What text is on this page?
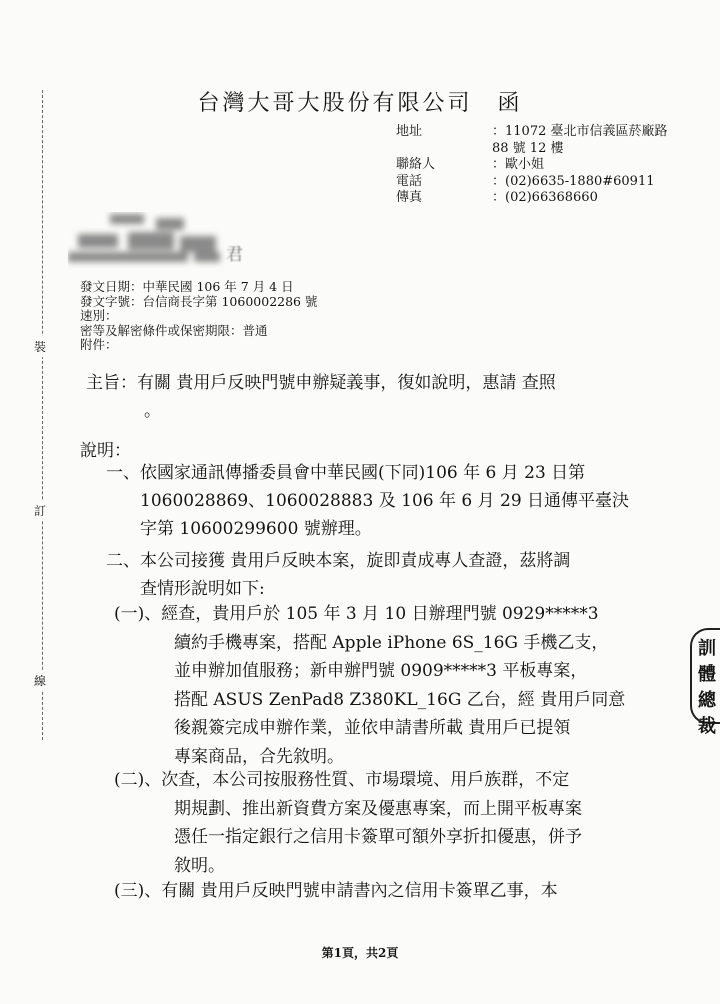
裝
訂
線
台灣大哥大股份有限公司　函
地址	：11072 臺北市信義區菸廠路 88 號 12 樓
聯絡人	：歐小姐
電話	：(02)6635-1880#60911
傳真	：(02)66368660
君
發文日期：中華民國 106 年 7 月 4 日
發文字號：台信商長字第 1060002286 號
速別：
密等及解密條件或保密期限：普通
附件：
主旨：有關 貴用戶反映門號申辦疑義事，復如說明，惠請 查照
。
說明：
一、依國家通訊傳播委員會中華民國(下同)106 年 6 月 23 日第
1060028869、1060028883 及 106 年 6 月 29 日通傳平臺決
字第 10600299600 號辦理。
二、本公司接獲 貴用戶反映本案，旋即責成專人查證，茲將調
查情形說明如下:
(一)、經查，貴用戶於 105 年 3 月 10 日辦理門號 0929*****3
續約手機專案，搭配 Apple iPhone 6S_16G 手機乙支，
並申辦加值服務；新申辦門號 0909*****3 平板專案，
搭配 ASUS ZenPad8 Z380KL_16G 乙台，經 貴用戶同意
後親簽完成申辦作業，並依申請書所載 貴用戶已提領
專案商品，合先敘明。
(二)、次查，本公司按服務性質、市場環境、用戶族群，不定
期規劃、推出新資費方案及優惠專案，而上開平板專案
憑任一指定銀行之信用卡簽單可額外享折扣優惠，併予
敘明。
(三)、有關 貴用戶反映門號申請書內之信用卡簽單乙事，本
訓體總裁
第1頁，共2頁
